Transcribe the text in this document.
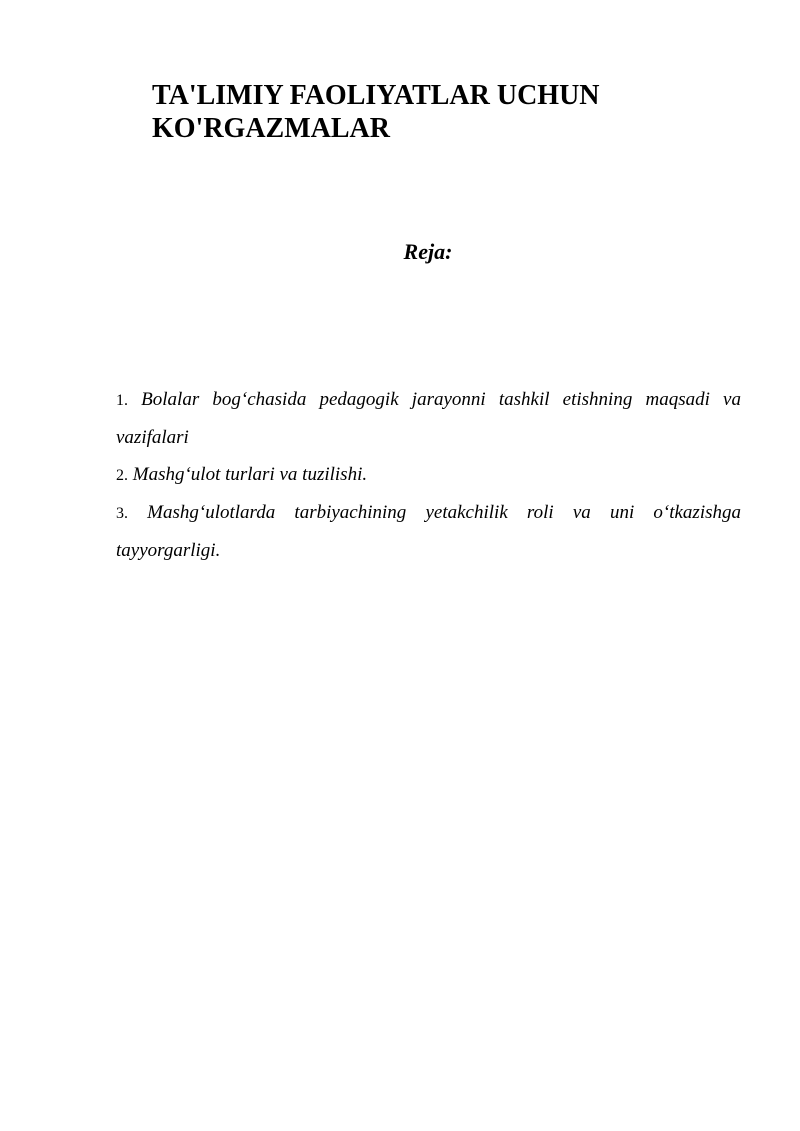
TA'LIMIY FAOLIYATLAR UCHUN
KO'RGAZMALAR

Reja:

1. Bolalar bog‘chasida pedagogik jarayonni tashkil etishning maqsadi va vazifalari
2. Mashg‘ulot turlari va tuzilishi.
3. Mashg‘ulotlarda tarbiyachining yetakchilik roli va uni o‘tkazishga tayyorgarligi.
